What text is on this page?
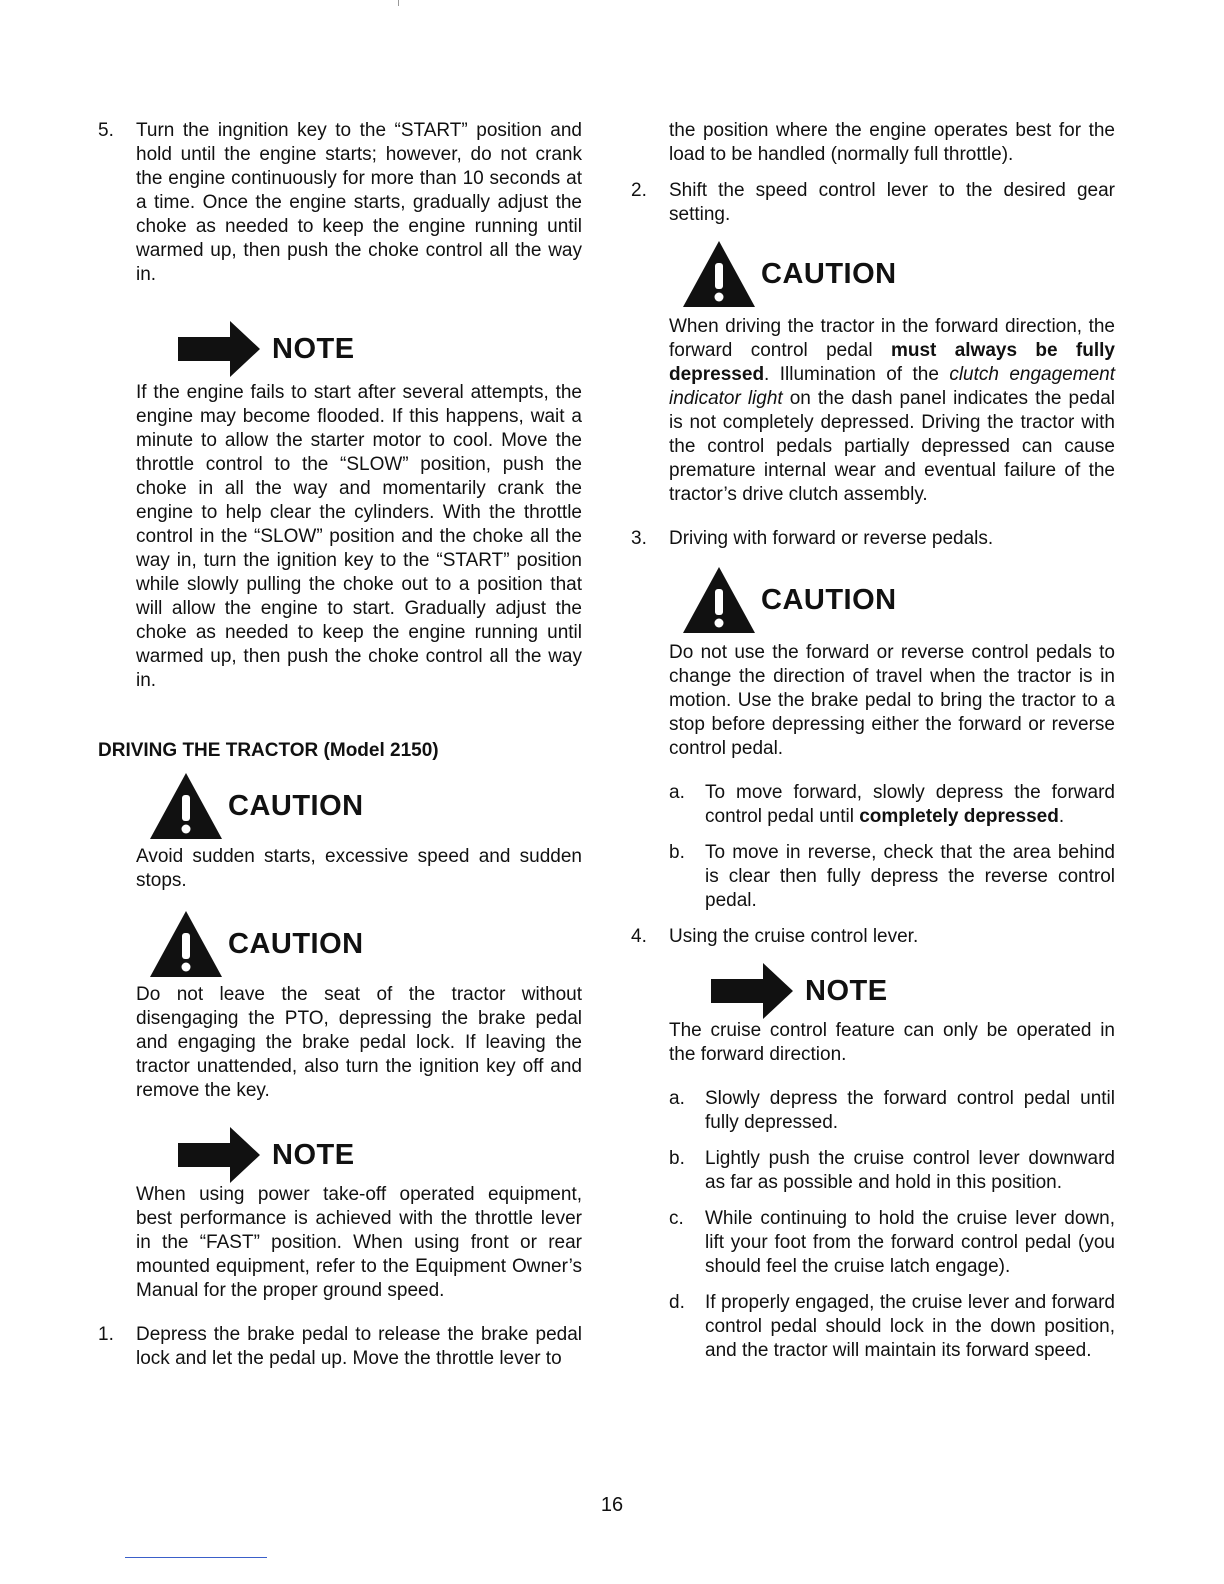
5. Turn the ingnition key to the “START” position and hold until the engine starts; however, do not crank the engine continuously for more than 10 seconds at a time. Once the engine starts, gradually adjust the choke as needed to keep the engine running until warmed up, then push the choke control all the way in.

NOTE

If the engine fails to start after several attempts, the engine may become flooded. If this happens, wait a minute to allow the starter motor to cool. Move the throttle control to the “SLOW” position, push the choke in all the way and momentarily crank the engine to help clear the cylinders. With the throttle control in the “SLOW” position and the choke all the way in, turn the ignition key to the “START” position while slowly pulling the choke out to a position that will allow the engine to start. Gradually adjust the choke as needed to keep the engine running until warmed up, then push the choke control all the way in.

DRIVING THE TRACTOR (Model 2150)
CAUTION

Avoid sudden starts, excessive speed and sudden stops.

CAUTION

Do not leave the seat of the tractor without disengaging the PTO, depressing the brake pedal and engaging the brake pedal lock. If leaving the tractor unattended, also turn the ignition key off and remove the key.

NOTE

When using power take-off operated equipment, best performance is achieved with the throttle lever in the “FAST” position. When using front or rear mounted equipment, refer to the Equipment Owner’s Manual for the proper ground speed.

1. Depress the brake pedal to release the brake pedal lock and let the pedal up. Move the throttle lever to

the position where the engine operates best for the load to be handled (normally full throttle).

2. Shift the speed control lever to the desired gear setting.

CAUTION

When driving the tractor in the forward direction, the forward control pedal must always be fully depressed. Illumination of the clutch engagement indicator light on the dash panel indicates the pedal is not completely depressed. Driving the tractor with the control pedals partially depressed can cause premature internal wear and eventual failure of the tractor’s drive clutch assembly.

3. Driving with forward or reverse pedals.

CAUTION

Do not use the forward or reverse control pedals to change the direction of travel when the tractor is in motion. Use the brake pedal to bring the tractor to a stop before depressing either the forward or reverse control pedal.

a. To move forward, slowly depress the forward control pedal until completely depressed.

b. To move in reverse, check that the area behind is clear then fully depress the reverse control pedal.

4. Using the cruise control lever.

NOTE

The cruise control feature can only be operated in the forward direction.

a. Slowly depress the forward control pedal until fully depressed.

b. Lightly push the cruise control lever downward as far as possible and hold in this position.

c. While continuing to hold the cruise lever down, lift your foot from the forward control pedal (you should feel the cruise latch engage).

d. If properly engaged, the cruise lever and forward control pedal should lock in the down position, and the tractor will maintain its forward speed.

16
